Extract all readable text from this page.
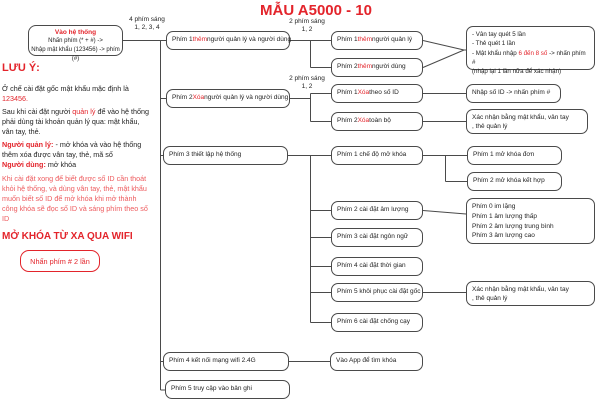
MẪU A5000 - 10
Vào hệ thống
Nhấn phím (* + #) ->
Nhập mật khẩu (123456) -> phím (#)
4 phím sáng
1, 2, 3, 4
2 phím sáng
1, 2
2 phím sáng
1, 2
Phím 1 thêm người quản lý và người dùng
Phím 2 Xóa người quản lý và người dùng
Phím 3 thiết lập hệ thống
Phím 4 kết nối mạng wifi 2.4G
Phím 5 truy cập vào bản ghi
Phím 1 thêm người quản lý
Phím 2 thêm người dùng
Phím 1 Xóa theo số ID
Phím 2 Xóa toàn bộ
Phím 1 chế độ mở khóa
Phím 2 cài đặt âm lượng
Phím 3 cài đặt ngôn ngữ
Phím 4 cài đặt thời gian
Phím 5 khôi phục cài đặt gốc
Phím 6 cài đặt chống cạy
Vào App để tìm khóa
- Vân tay quét 5 lần
- Thẻ quét 1 lần
- Mật khẩu nhập 6 đến 8 số -> nhấn phím #
(nhập lại 1 lần nữa để xác nhận)
Nhập số ID -> nhấn phím #
Xác nhận bằng mật khẩu, vân tay
, thẻ quản lý
Phím 1 mở khóa đơn
Phím 2 mở khóa kết hợp
Phím 0 im lặng
Phím 1 âm lượng thấp
Phím 2 âm lượng trung bình
Phím 3 âm lượng cao
Xác nhận bằng mật khẩu, vân tay
, thẻ quản lý
LƯU Ý:
Ở chế cài đặt gốc mật khẩu mặc định là 123456.
Sau khi cài đặt người quản lý để vào hệ thống phải dùng tài khoản quản lý qua: mật khẩu, vân tay, thẻ.
Người quản lý: - mở khóa và vào hệ thống thêm xóa được vân tay, thẻ, mã số
Người dùng: mở khóa
Khi cài đặt xong để biết được số ID cần thoát khỏi hệ thống, và dùng vân tay, thẻ, mật khẩu muốn biết số ID để mở khóa khi mở thành công khóa sẽ đọc số ID và sáng phím theo số ID
MỞ KHÓA TỪ XA QUA WIFI
Nhấn phím # 2 lần
